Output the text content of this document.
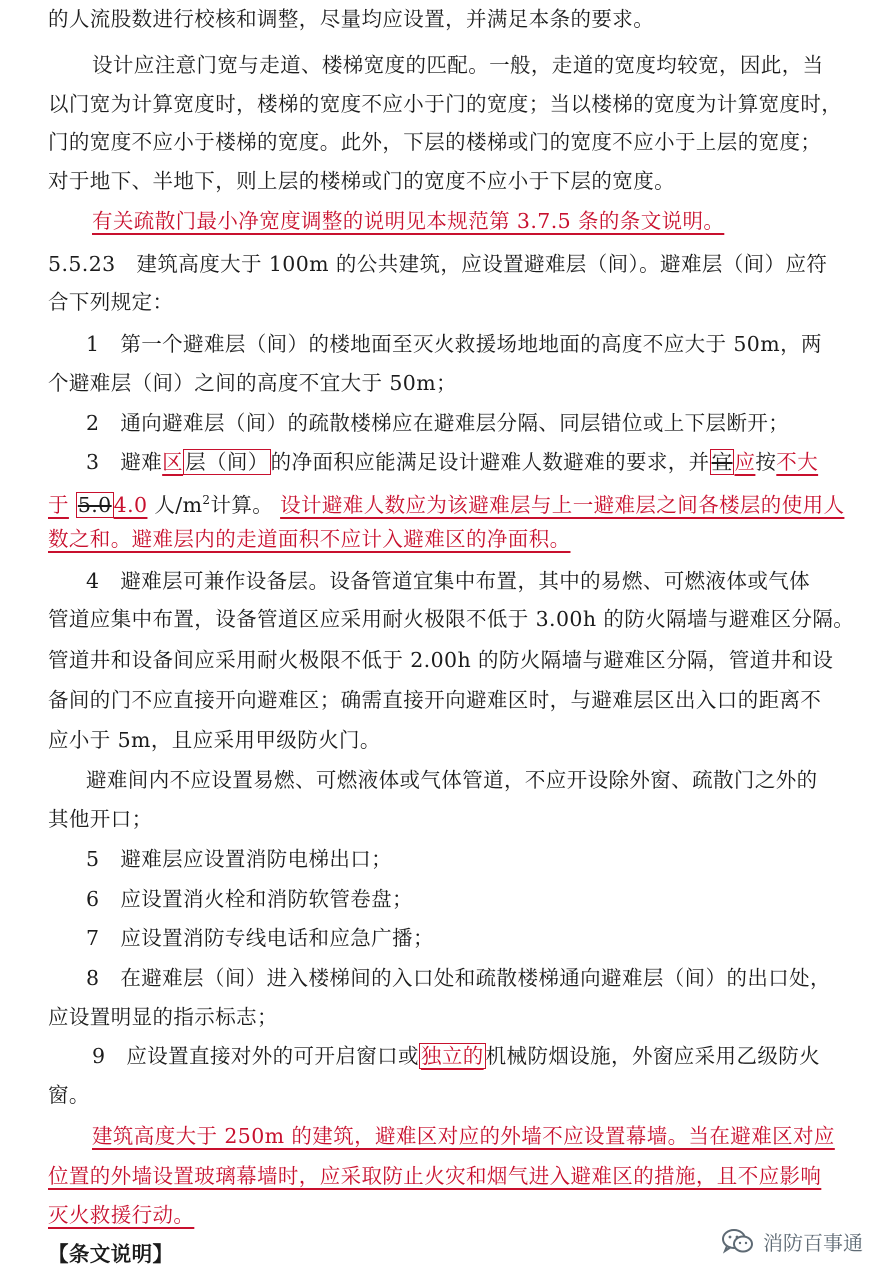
的人流股数进行校核和调整，尽量均应设置，并满足本条的要求。
设计应注意门宽与走道、楼梯宽度的匹配。一般，走道的宽度均较宽，因此，当
以门宽为计算宽度时，楼梯的宽度不应小于门的宽度；当以楼梯的宽度为计算宽度时，
门的宽度不应小于楼梯的宽度。此外，下层的楼梯或门的宽度不应小于上层的宽度；
对于地下、半地下，则上层的楼梯或门的宽度不应小于下层的宽度。
有关疏散门最小净宽度调整的说明见本规范第 3.7.5 条的条文说明。
5.5.23　建筑高度大于 100m 的公共建筑，应设置避难层（间）。避难层（间）应符
合下列规定：
1　第一个避难层（间）的楼地面至灭火救援场地地面的高度不应大于 50m，两
个避难层（间）之间的高度不宜大于 50m；
2　通向避难层（间）的疏散楼梯应在避难层分隔、同层错位或上下层断开；
3　避难区层（间）的净面积应能满足设计避难人数避难的要求，并宜应按不大
于 5.04.0 人$/m^2$计算。 设计避难人数应为该避难层与上一避难层之间各楼层的使用人
数之和。避难层内的走道面积不应计入避难区的净面积。
4　避难层可兼作设备层。设备管道宜集中布置，其中的易燃、可燃液体或气体
管道应集中布置，设备管道区应采用耐火极限不低于 3.00h 的防火隔墙与避难区分隔。
管道井和设备间应采用耐火极限不低于 2.00h 的防火隔墙与避难区分隔，管道井和设
备间的门不应直接开向避难区；确需直接开向避难区时，与避难层区出入口的距离不
应小于 5m，且应采用甲级防火门。
避难间内不应设置易燃、可燃液体或气体管道，不应开设除外窗、疏散门之外的
其他开口；
5　避难层应设置消防电梯出口；
6　应设置消火栓和消防软管卷盘；
7　应设置消防专线电话和应急广播；
8　在避难层（间）进入楼梯间的入口处和疏散楼梯通向避难层（间）的出口处，
应设置明显的指示标志；
9　应设置直接对外的可开启窗口或独立的机械防烟设施，外窗应采用乙级防火
窗。
建筑高度大于 250m 的建筑，避难区对应的外墙不应设置幕墙。当在避难区对应
位置的外墙设置玻璃幕墙时，应采取防止火灾和烟气进入避难区的措施，且不应影响
灭火救援行动。
【条文说明】	消防百事通
